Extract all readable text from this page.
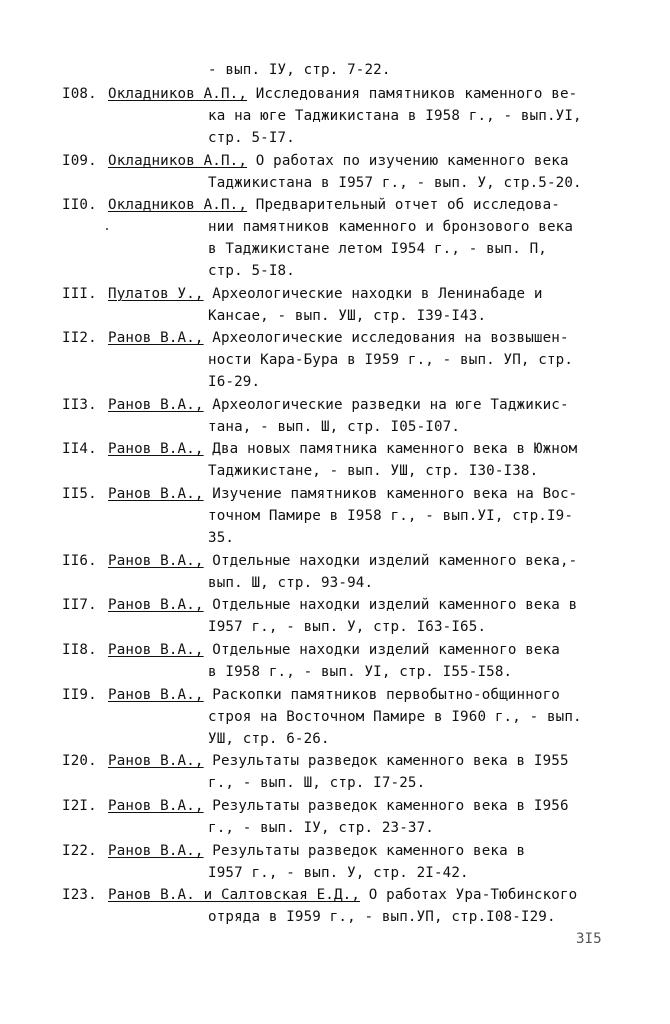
3I5
- вып. IУ, стр. 7-22.
I08. Окладников А.П., Исследования памятников каменного ве-
ка на юге Таджикистана в I958 г., - вып.УI,
стр. 5-I7.
I09. Окладников А.П., О работах по изучению каменного века
Таджикистана в I957 г., - вып. У, стр.5-20.
II0. Окладников А.П., Предварительный отчет об исследова-
нии памятников каменного и бронзового века
в Таджикистане летом I954 г., - вып. П,
стр. 5-I8.
III. Пулатов У., Археологические находки в Ленинабаде и
Кансае, - вып. УШ, стр. I39-I43.
II2. Ранов В.А., Археологические исследования на возвышен-
ности Кара-Бура в I959 г., - вып. УП, стр.
I6-29.
II3. Ранов В.А., Археологические разведки на юге Таджикис-
тана, - вып. Ш, стр. I05-I07.
II4. Ранов В.А., Два новых памятника каменного века в Южном
Таджикистане, - вып. УШ, стр. I30-I38.
II5. Ранов В.А., Изучение памятников каменного века на Вос-
точном Памире в I958 г., - вып.УI, стр.I9-
35.
II6. Ранов В.А., Отдельные находки изделий каменного века,-
вып. Ш, стр. 93-94.
II7. Ранов В.А., Отдельные находки изделий каменного века в
I957 г., - вып. У, стр. I63-I65.
II8. Ранов В.А., Отдельные находки изделий каменного века
в I958 г., - вып. УI, стр. I55-I58.
II9. Ранов В.А., Раскопки памятников первобытно-общинного
строя на Восточном Памире в I960 г., - вып.
УШ, стр. 6-26.
I20. Ранов В.А., Результаты разведок каменного века в I955
г., - вып. Ш, стр. I7-25.
I2I. Ранов В.А., Результаты разведок каменного века в I956
г., - вып. IУ, стр. 23-37.
I22. Ранов В.А., Результаты разведок каменного века в
I957 г., - вып. У, стр. 2I-42.
I23. Ранов В.А. и Салтовская Е.Д., О работах Ура-Тюбинского
отряда в I959 г., - вып.УП, стр.I08-I29.
